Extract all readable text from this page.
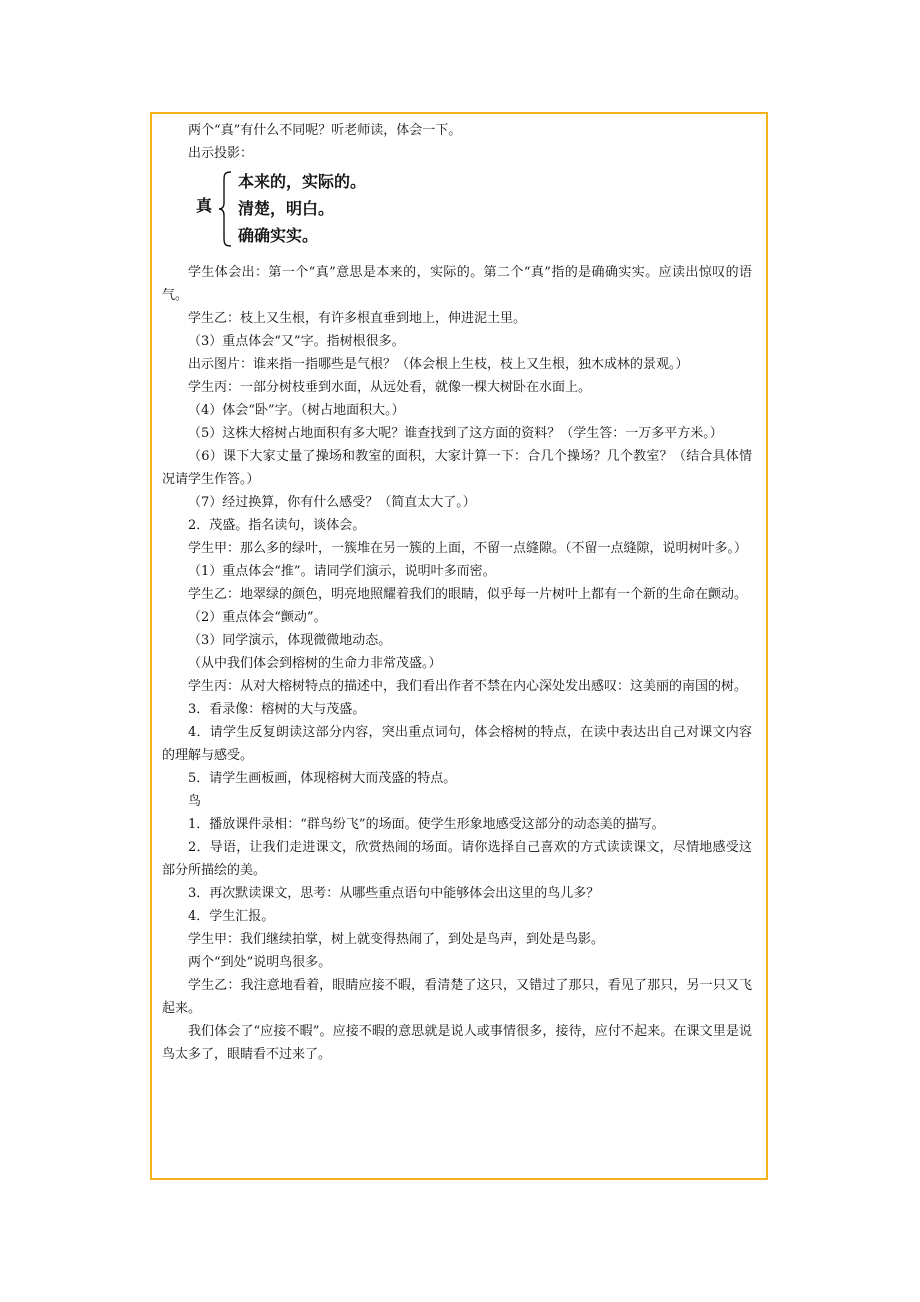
两个“真”有什么不同呢？听老师读，体会一下。

出示投影：

真
本来的，实际的。
清楚，明白。
确确实实。

学生体会出：第一个“真”意思是本来的，实际的。第二个“真”指的是确确实实。应读出惊叹的语气。

学生乙：枝上又生根，有许多根直垂到地上，伸进泥土里。

（3）重点体会“又”字。指树根很多。

出示图片：谁来指一指哪些是气根？（体会根上生枝，枝上又生根，独木成林的景观。）

学生丙：一部分树枝垂到水面，从远处看，就像一棵大树卧在水面上。

（4）体会“卧”字。（树占地面积大。）

（5）这株大榕树占地面积有多大呢？谁查找到了这方面的资料？（学生答：一万多平方米。）

（6）课下大家丈量了操场和教室的面积，大家计算一下：合几个操场？几个教室？（结合具体情况请学生作答。）

（7）经过换算，你有什么感受？（简直太大了。）

2．茂盛。指名读句，谈体会。

学生甲：那么多的绿叶，一簇堆在另一簇的上面，不留一点缝隙。（不留一点缝隙，说明树叶多。）

（1）重点体会“推”。请同学们演示，说明叶多而密。

学生乙：地翠绿的颜色，明亮地照耀着我们的眼睛，似乎每一片树叶上都有一个新的生命在颤动。

（2）重点体会“颤动”。

（3）同学演示，体现微微地动态。

（从中我们体会到榕树的生命力非常茂盛。）

学生丙：从对大榕树特点的描述中，我们看出作者不禁在内心深处发出感叹：这美丽的南国的树。

3．看录像：榕树的大与茂盛。

4．请学生反复朗读这部分内容，突出重点词句，体会榕树的特点，在读中表达出自己对课文内容的理解与感受。

5．请学生画板画，体现榕树大而茂盛的特点。

鸟

1．播放课件录相：“群鸟纷飞”的场面。使学生形象地感受这部分的动态美的描写。

2．导语，让我们走进课文，欣赏热闹的场面。请你选择自己喜欢的方式读读课文，尽情地感受这部分所描绘的美。

3．再次默读课文，思考：从哪些重点语句中能够体会出这里的鸟儿多？

4．学生汇报。

学生甲：我们继续拍掌，树上就变得热闹了，到处是鸟声，到处是鸟影。

两个“到处”说明鸟很多。

学生乙：我注意地看着，眼睛应接不暇，看清楚了这只，又错过了那只，看见了那只，另一只又飞起来。

我们体会了“应接不暇”。应接不暇的意思就是说人或事情很多，接待，应付不起来。在课文里是说鸟太多了，眼睛看不过来了。
